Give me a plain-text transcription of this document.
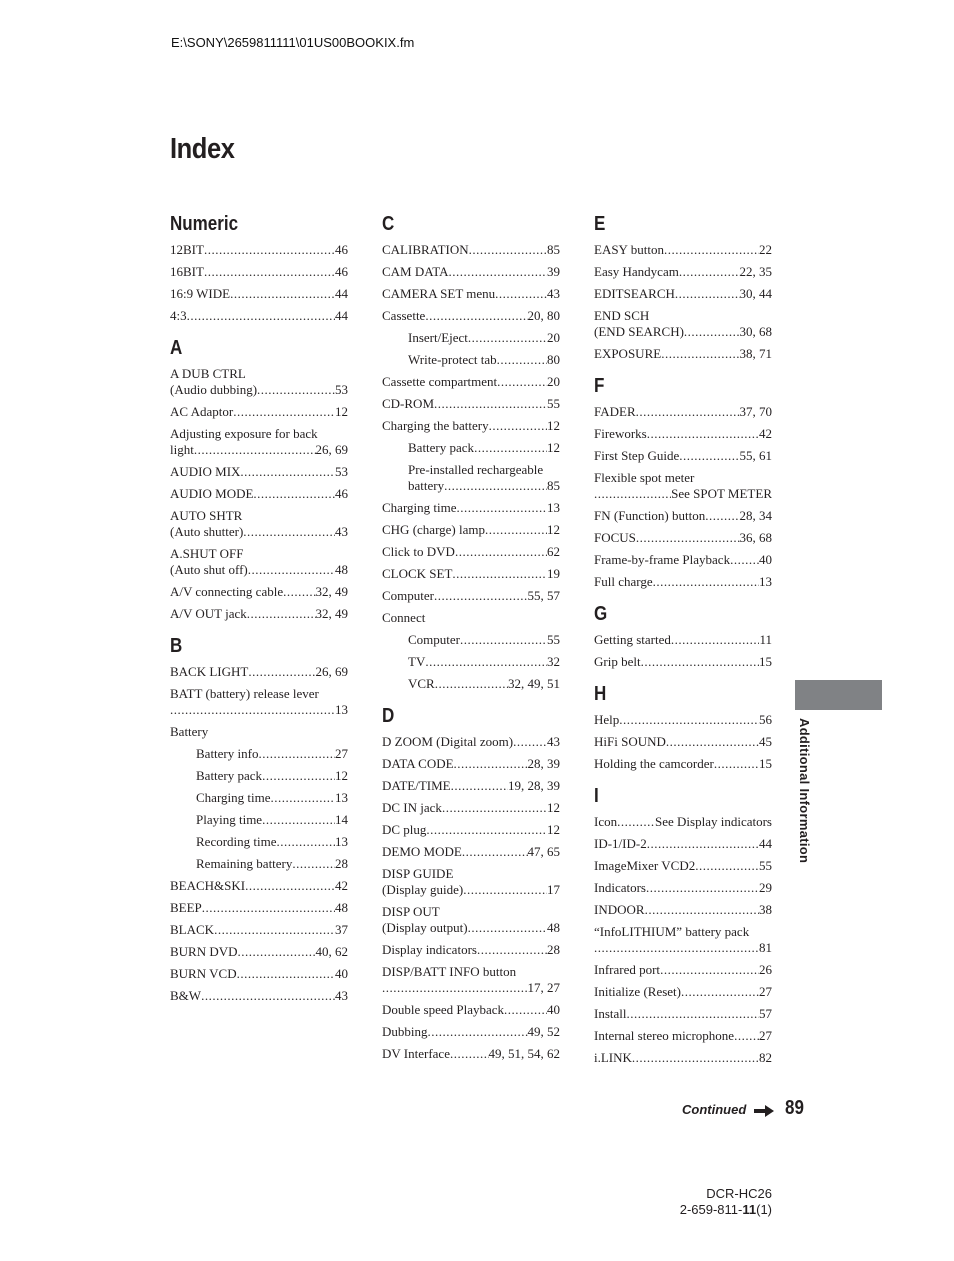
E:\SONY\2659811111\01US00BOOKIX.fm
Index
Numeric
12BIT .....	46
16BIT .....	46
16:9 WIDE .....	44
4:3 .....	44
A
A DUB CTRL
(Audio dubbing) .....	53
AC Adaptor .....	12
Adjusting exposure for back
light .....	26, 69
AUDIO MIX .....	53
AUDIO MODE .....	46
AUTO SHTR
(Auto shutter) .....	43
A.SHUT OFF
(Auto shut off) .....	48
A/V connecting cable ..... 32, 49
A/V OUT jack .....	32, 49
B
BACK LIGHT .....	26, 69
BATT (battery) release lever
.....
13
Battery
Battery info .....	27
Battery pack .....	12
Charging time .....	13
Playing time .....	14
Recording time .....	13
Remaining battery .....	28
BEACH&SKI .....	42
BEEP .....	48
BLACK .....	37
BURN DVD .....	40, 62
BURN VCD .....	40
B&W .....	43
C
CALIBRATION .....	85
CAM DATA .....	39
CAMERA SET menu .....	43
Cassette .....	20, 80
Insert/Eject .....	20
Write-protect tab .....	80
Cassette compartment .....	20
CD-ROM .....	55
Charging the battery .....	12
Battery pack .....	12
Pre-installed rechargeable
battery .....	85
Charging time .....	13
CHG (charge) lamp .....	12
Click to DVD .....	62
CLOCK SET .....	19
Computer .....	55, 57
Connect
Computer .....	55
TV .....	32
VCR .....	32, 49, 51
D
D ZOOM (Digital zoom) .....	43
DATA CODE .....	28, 39
DATE/TIME .....	19, 28, 39
DC IN jack .....	12
DC plug .....	12
DEMO MODE .....	47, 65
DISP GUIDE
(Display guide) .....	17
DISP OUT
(Display output) .....	48
Display indicators .....	28
DISP/BATT INFO button
.....
17, 27
Double speed Playback .....	40
Dubbing .....	49, 52
DV Interface .....	49, 51, 54, 62
E
EASY button .....	22
Easy Handycam .....	22, 35
EDITSEARCH .....	30, 44
END SCH
(END SEARCH) .....	30, 68
EXPOSURE .....	38, 71
F
FADER .....	37, 70
Fireworks .....	42
First Step Guide .....	55, 61
Flexible spot meter
.....
See SPOT METER
FN (Function) button .....	28, 34
FOCUS .....	36, 68
Frame-by-frame Playback ..... 40
Full charge .....	13
G
Getting started .....	11
Grip belt .....	15
H
Help .....	56
HiFi SOUND .....	45
Holding the camcorder .....	15
I
Icon .....	See Display indicators
ID-1/ID-2 .....	44
ImageMixer VCD2 .....	55
Indicators .....	29
INDOOR .....	38
“InfoLITHIUM” battery pack
.....
81
Infrared port .....	26
Initialize (Reset) .....	27
Install .....	57
Internal stereo microphone ..... 27
i.LINK .....	82
Additional Information
Continued 89
DCR-HC26
2-659-811-11(1)
